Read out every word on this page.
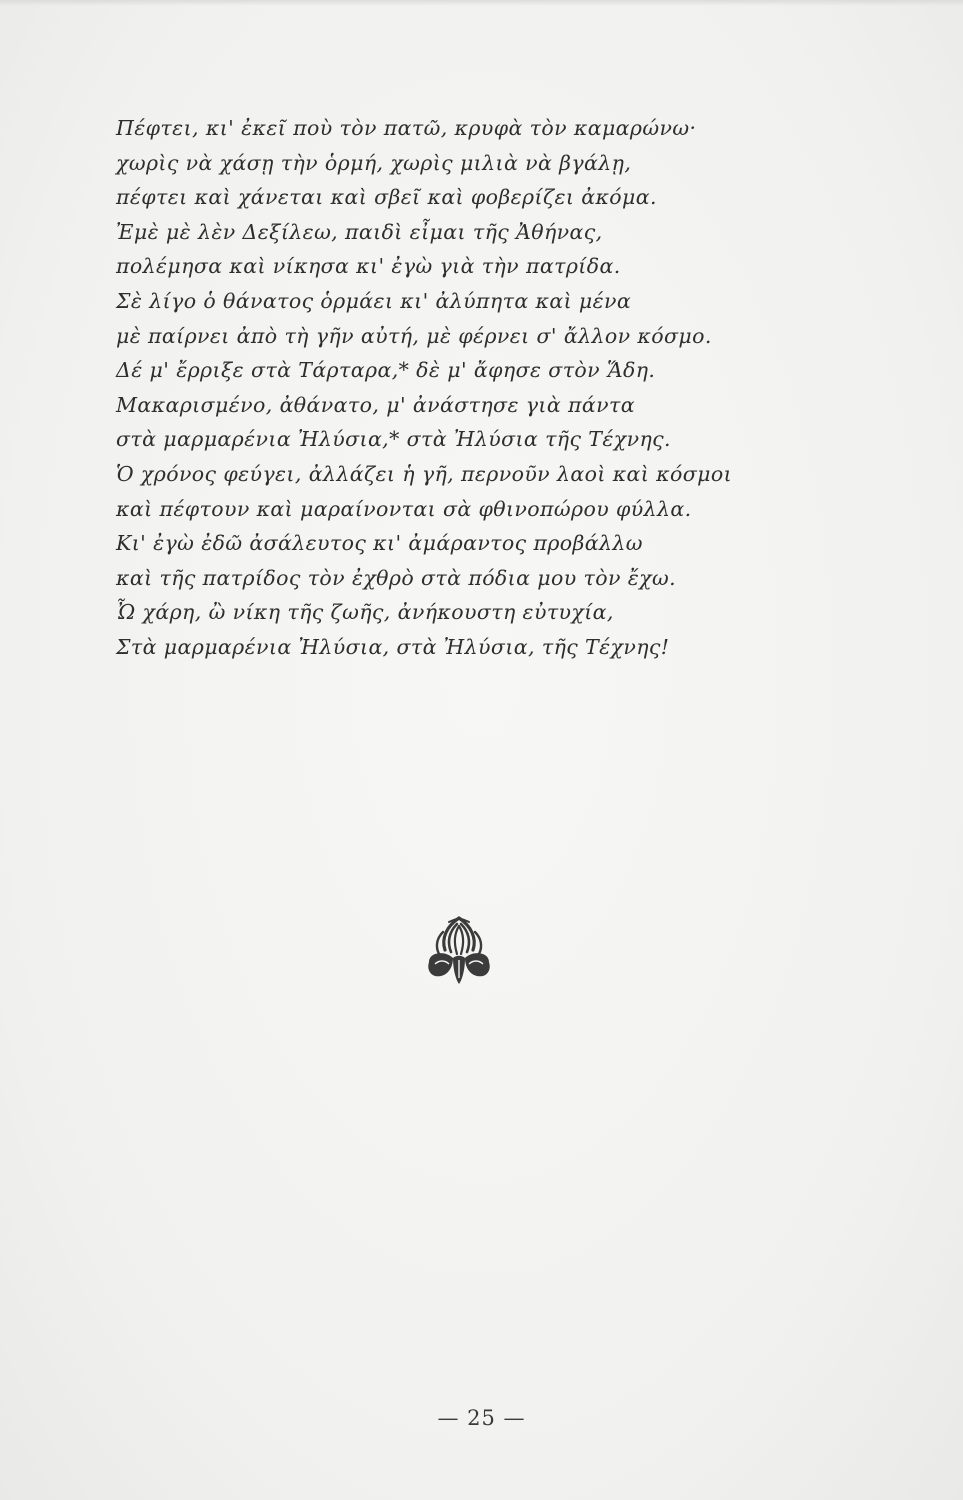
Πέφτει, κι' ἐκεῖ ποὺ τὸν πατῶ, κρυφὰ τὸν καμαρώνω·
χωρὶς νὰ χάσῃ τὴν ὁρμή, χωρὶς μιλιὰ νὰ βγάλῃ,
πέφτει καὶ χάνεται καὶ σβεῖ καὶ φοβερίζει ἀκόμα.
Ἐμὲ μὲ λὲν Δεξίλεω, παιδὶ εἶμαι τῆς Ἀθήνας,
πολέμησα καὶ νίκησα κι' ἐγὼ γιὰ τὴν πατρίδα.
Σὲ λίγο ὁ θάνατος ὁρμάει κι' ἀλύπητα καὶ μένα
μὲ παίρνει ἀπὸ τὴ γῆν αὐτή, μὲ φέρνει σ' ἄλλον κόσμο.
Δέ μ' ἔρριξε στὰ Τάρταρα,* δὲ μ' ἄφησε στὸν Ἅδη.
Μακαρισμένο, ἀθάνατο, μ' ἀνάστησε γιὰ πάντα
στὰ μαρμαρένια Ἠλύσια,* στὰ Ἠλύσια τῆς Τέχνης.
Ὁ χρόνος φεύγει, ἀλλάζει ἡ γῆ, περνοῦν λαοὶ καὶ κόσμοι
καὶ πέφτουν καὶ μαραίνονται σὰ φθινοπώρου φύλλα.
Κι' ἐγὼ ἐδῶ ἀσάλευτος κι' ἀμάραντος προβάλλω
καὶ τῆς πατρίδος τὸν ἐχθρὸ στὰ πόδια μου τὸν ἔχω.
Ὦ χάρη, ὢ νίκη τῆς ζωῆς, ἀνήκουστη εὐτυχία,
Στὰ μαρμαρένια Ἠλύσια, στὰ Ἠλύσια, τῆς Τέχνης!
— 25 —
